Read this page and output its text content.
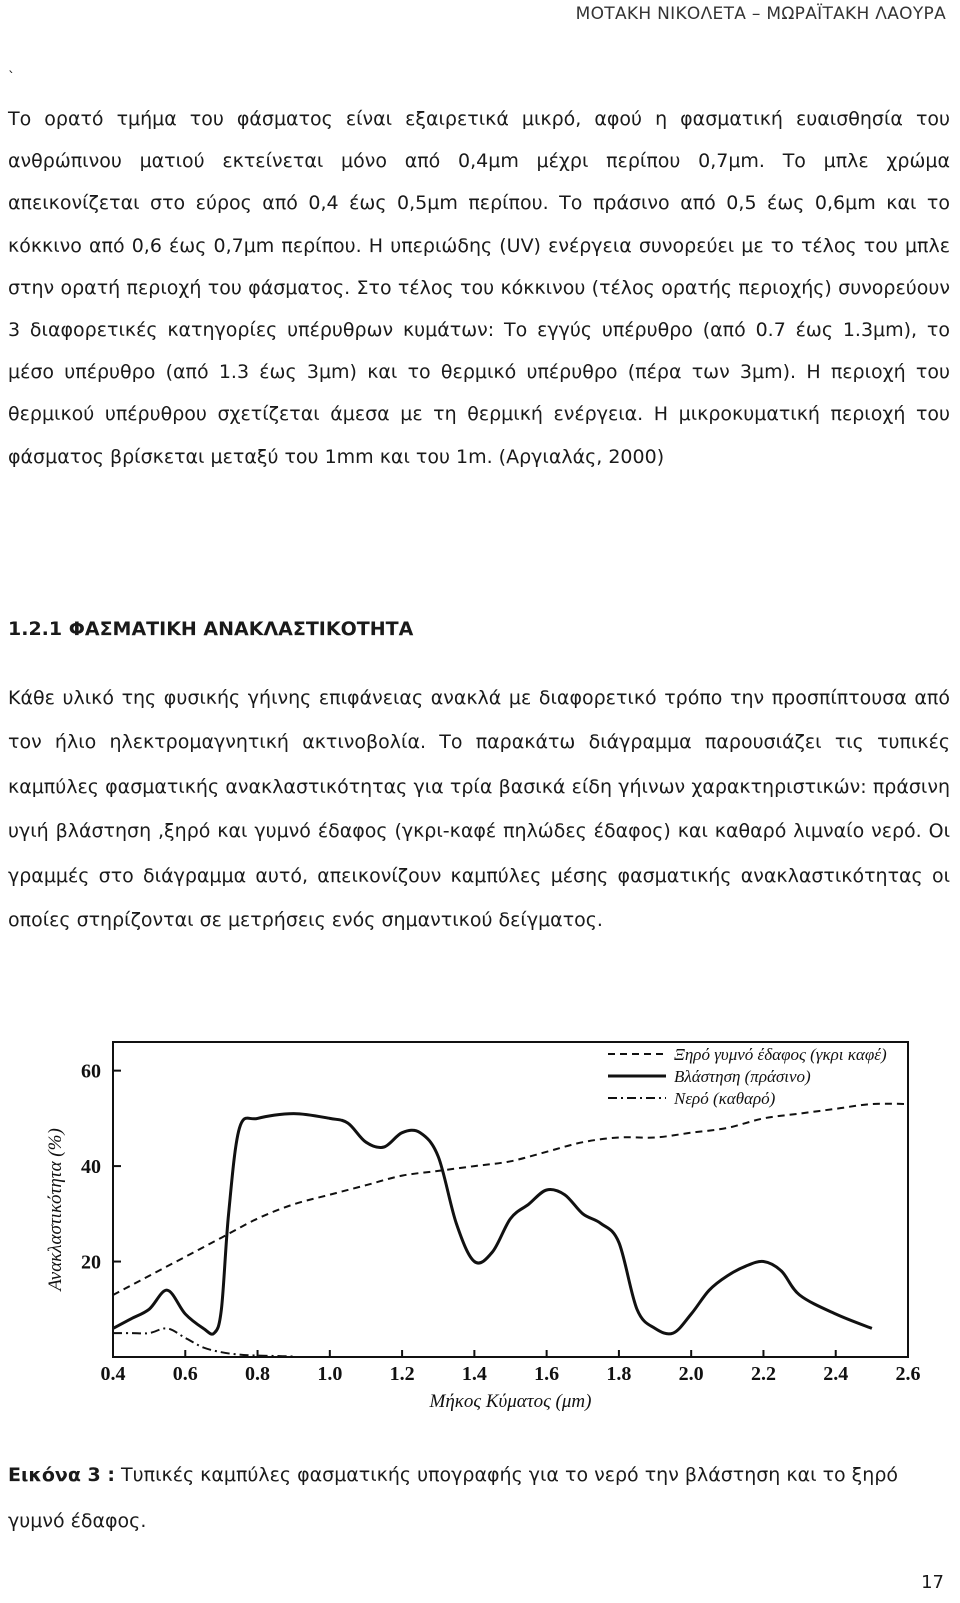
ΜΟΤΑΚΗ ΝΙΚΟΛΕΤΑ – ΜΩΡΑΪΤΑΚΗ ΛΑΟΥΡΑ
`

Το ορατό τμήμα του φάσματος είναι εξαιρετικά μικρό, αφού η φασματική ευαισθησία του ανθρώπινου ματιού εκτείνεται μόνο από 0,4μm μέχρι περίπου 0,7μm. Το μπλε χρώμα απεικονίζεται στο εύρος από 0,4 έως 0,5μm περίπου. Το πράσινο από 0,5 έως 0,6μm και το κόκκινο από 0,6 έως 0,7μm περίπου. Η υπεριώδης (UV) ενέργεια συνορεύει με το τέλος του μπλε στην ορατή περιοχή του φάσματος. Στο τέλος του κόκκινου (τέλος ορατής περιοχής) συνορεύουν 3 διαφορετικές κατηγορίες υπέρυθρων κυμάτων: Το εγγύς υπέρυθρο (από 0.7 έως 1.3μm), το μέσο υπέρυθρο (από 1.3 έως 3μm) και το θερμικό υπέρυθρο (πέρα των 3μm). Η περιοχή του θερμικού υπέρυθρου σχετίζεται άμεσα με τη θερμική ενέργεια. Η μικροκυματική περιοχή του φάσματος βρίσκεται μεταξύ του 1mm και του 1m. (Αργιαλάς, 2000)

1.2.1 ΦΑΣΜΑΤΙΚΗ ΑΝΑΚΛΑΣΤΙΚΟΤΗΤΑ

Κάθε υλικό της φυσικής γήινης επιφάνειας ανακλά με διαφορετικό τρόπο την προσπίπτουσα από τον ήλιο ηλεκτρομαγνητική ακτινοβολία. Το παρακάτω διάγραμμα παρουσιάζει τις τυπικές καμπύλες φασματικής ανακλαστικότητας για τρία βασικά είδη γήινων χαρακτηριστικών: πράσινη υγιή βλάστηση ,ξηρό και γυμνό έδαφος (γκρι-καφέ πηλώδες έδαφος) και καθαρό λιμναίο νερό. Οι γραμμές στο διάγραμμα αυτό, απεικονίζουν καμπύλες μέσης φασματικής ανακλαστικότητας οι οποίες στηρίζονται σε μετρήσεις ενός σημαντικού δείγματος.

20
40
60
0.4 0.6 0.8 1.0 1.2 1.4 1.6 1.8 2.0 2.2 2.4 2.6
Μήκος Κύματος (μm)
Ανακλαστικότητα (%)
Ξηρό γυμνό έδαφος (γκρι καφέ)
Βλάστηση (πράσινο)
Νερό (καθαρό)
Εικόνα 3 : Τυπικές καμπύλες φασματικής υπογραφής για το νερό την βλάστηση και το ξηρό γυμνό έδαφος.
17
